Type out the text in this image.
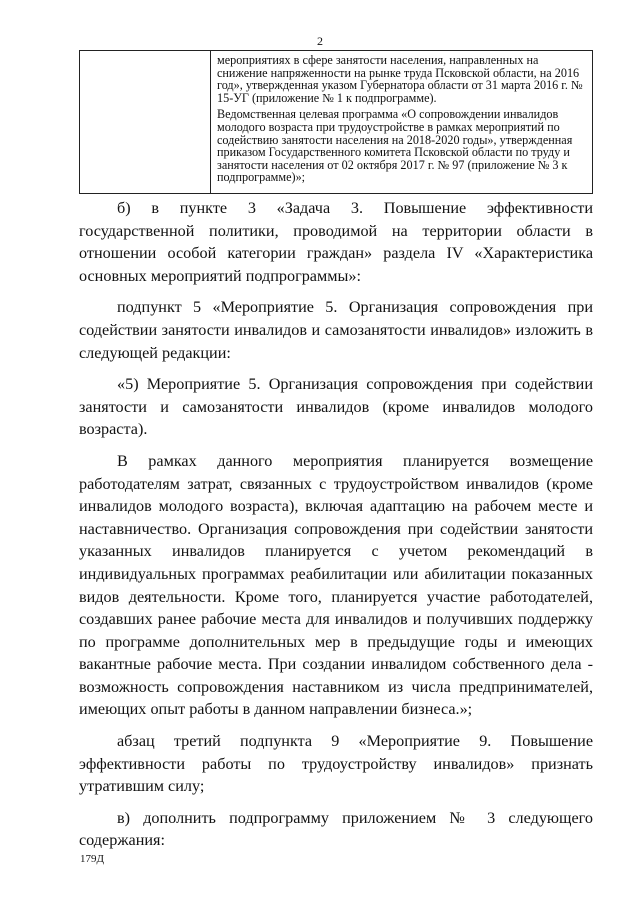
2

мероприятиях в сфере занятости населения, направленных на снижение напряженности на рынке труда Псковской области, на 2016 год», утвержденная указом Губернатора области от 31 марта 2016 г. № 15-УГ (приложение № 1 к подпрограмме).

Ведомственная целевая программа «О сопровождении инвалидов молодого возраста при трудоустройстве в рамках мероприятий по содействию занятости населения на 2018-2020 годы», утвержденная приказом Государственного комитета Псковской области по труду и занятости населения от 02 октября 2017 г. № 97 (приложение № 3 к подпрограмме)»;

б) в пункте 3 «Задача 3. Повышение эффективности государственной политики, проводимой на территории области в отношении особой категории граждан» раздела IV «Характеристика основных мероприятий подпрограммы»:

подпункт 5 «Мероприятие 5. Организация сопровождения при содействии занятости инвалидов и самозанятости инвалидов» изложить в следующей редакции:

«5) Мероприятие 5. Организация сопровождения при содействии занятости и самозанятости инвалидов (кроме инвалидов молодого возраста).

В рамках данного мероприятия планируется возмещение работодателям затрат, связанных с трудоустройством инвалидов (кроме инвалидов молодого возраста), включая адаптацию на рабочем месте и наставничество. Организация сопровождения при содействии занятости указанных инвалидов планируется с учетом рекомендаций в индивидуальных программах реабилитации или абилитации показанных видов деятельности. Кроме того, планируется участие работодателей, создавших ранее рабочие места для инвалидов и получивших поддержку по программе дополнительных мер в предыдущие годы и имеющих вакантные рабочие места. При создании инвалидом собственного дела - возможность сопровождения наставником из числа предпринимателей, имеющих опыт работы в данном направлении бизнеса.»;

абзац третий подпункта 9 «Мероприятие 9. Повышение эффективности работы по трудоустройству инвалидов» признать утратившим силу;

в) дополнить подпрограмму приложением № 3 следующего содержания:

179Д
